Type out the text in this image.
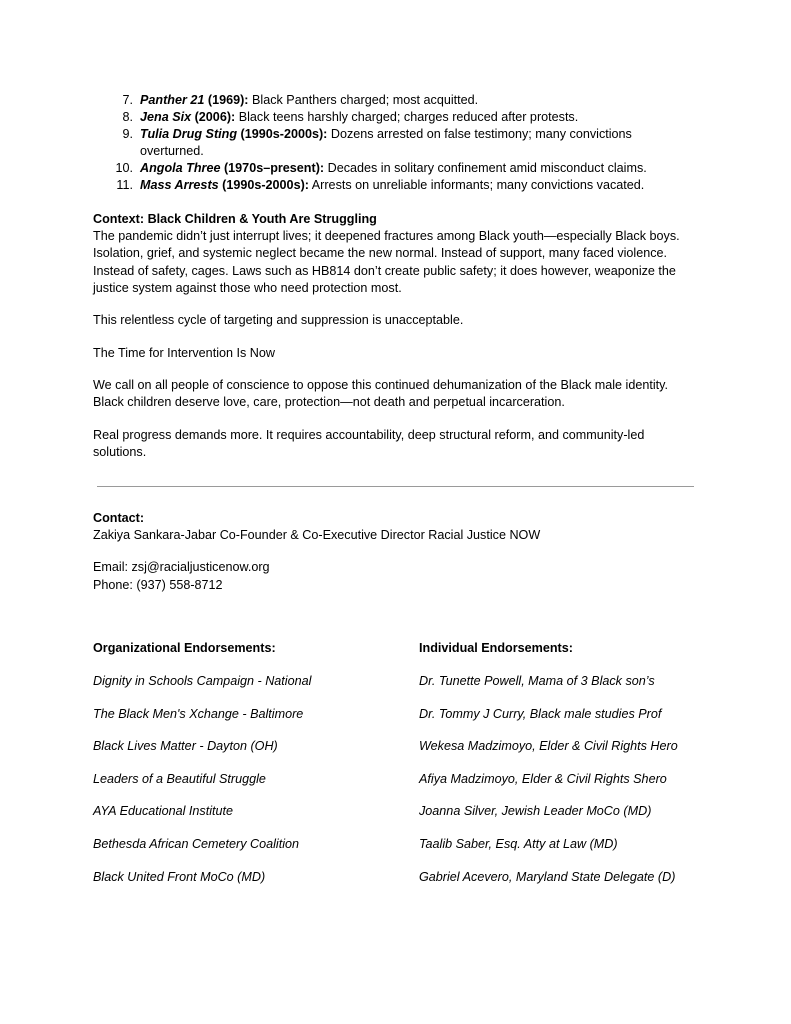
7. Panther 21 (1969): Black Panthers charged; most acquitted.
8. Jena Six (2006): Black teens harshly charged; charges reduced after protests.
9. Tulia Drug Sting (1990s-2000s): Dozens arrested on false testimony; many convictions overturned.
10. Angola Three (1970s–present): Decades in solitary confinement amid misconduct claims.
11. Mass Arrests (1990s-2000s): Arrests on unreliable informants; many convictions vacated.
Context: Black Children & Youth Are Struggling
The pandemic didn’t just interrupt lives; it deepened fractures among Black youth—especially Black boys. Isolation, grief, and systemic neglect became the new normal. Instead of support, many faced violence. Instead of safety, cages. Laws such as HB814 don’t create public safety; it does however, weaponize the justice system against those who need protection most.
This relentless cycle of targeting and suppression is unacceptable.
The Time for Intervention Is Now
We call on all people of conscience to oppose this continued dehumanization of the Black male identity. Black children deserve love, care, protection—not death and perpetual incarceration.
Real progress demands more. It requires accountability, deep structural reform, and community-led solutions.
Contact:
Zakiya Sankara-Jabar Co-Founder & Co-Executive Director Racial Justice NOW
Email: zsj@racialjusticenow.org
Phone: (937) 558-8712
Organizational Endorsements:
Dignity in Schools Campaign - National
The Black Men's Xchange - Baltimore
Black Lives Matter - Dayton (OH)
Leaders of a Beautiful Struggle
AYA Educational Institute
Bethesda African Cemetery Coalition
Black United Front MoCo (MD)
Individual Endorsements:
Dr. Tunette Powell, Mama of 3 Black son’s
Dr. Tommy J Curry, Black male studies Prof
Wekesa Madzimoyo, Elder & Civil Rights Hero
Afiya Madzimoyo, Elder & Civil Rights Shero
Joanna Silver, Jewish Leader MoCo (MD)
Taalib Saber, Esq. Atty at Law (MD)
Gabriel Acevero, Maryland State Delegate (D)
